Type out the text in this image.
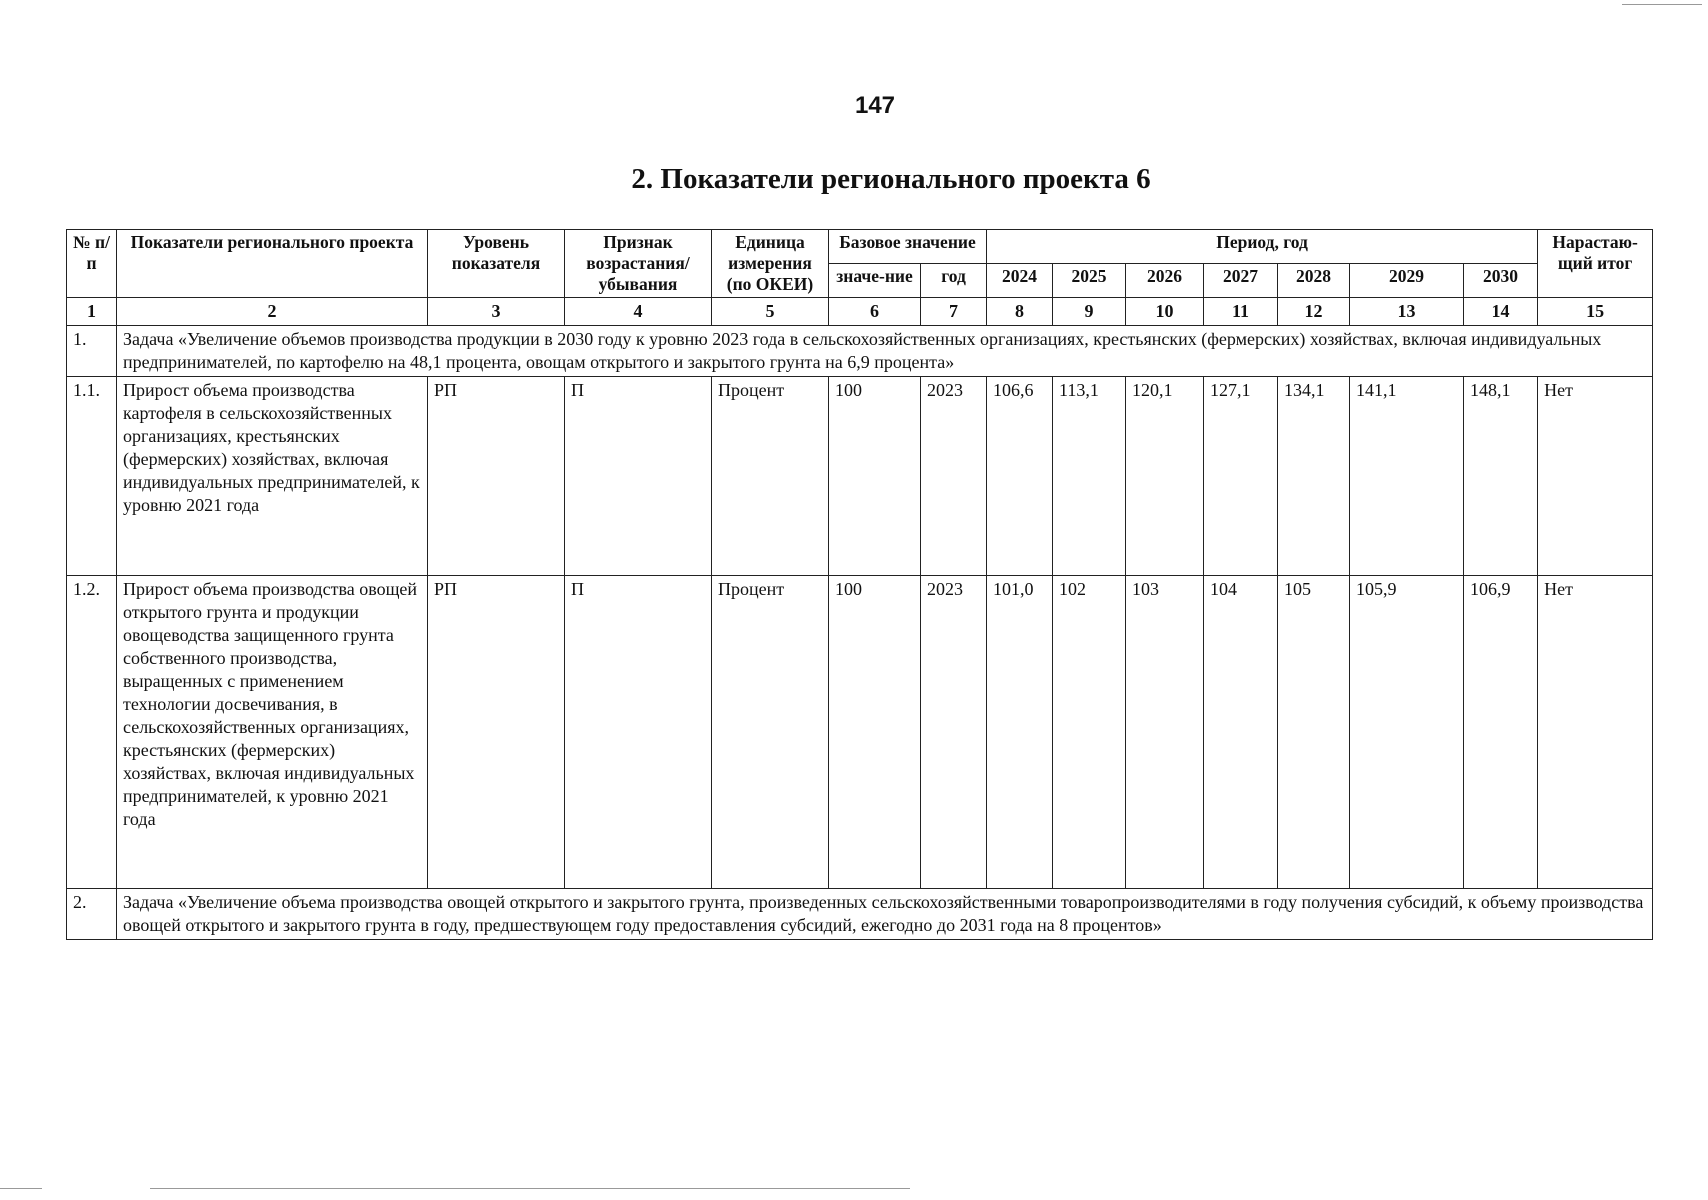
147
2. Показатели регионального проекта 6
№ п/п	Показатели регионального проекта	Уровень показателя	Признак возрастания/ убывания	Единица измерения (по ОКЕИ)	Базовое значение		Период, год							Нарастаю-щий итог
					значе-ние	год	2024	2025	2026	2027	2028	2029	2030	
1	2	3	4	5	6	7	8	9	10	11	12	13	14	15
1.	Задача «Увеличение объемов производства продукции в 2030 году к уровню 2023 года в сельскохозяйственных организациях, крестьянских (фермерских) хозяйствах, включая индивидуальных предпринимателей, по картофелю на 48,1 процента, овощам открытого и закрытого грунта на 6,9 процента»													
1.1.	Прирост объема производства картофеля в сельскохозяйственных организациях, крестьянских (фермерских) хозяйствах, включая индивидуальных предпринимателей, к уровню 2021 года	РП	П	Процент	100	2023	106,6	113,1	120,1	127,1	134,1	141,1	148,1	Нет
1.2.	Прирост объема производства овощей открытого грунта и продукции овощеводства защищенного грунта собственного производства, выращенных с применением технологии досвечивания, в сельскохозяйственных организациях, крестьянских (фермерских) хозяйствах, включая индивидуальных предпринимателей, к уровню 2021 года	РП	П	Процент	100	2023	101,0	102	103	104	105	105,9	106,9	Нет
2.	Задача «Увеличение объема производства овощей открытого и закрытого грунта, произведенных сельскохозяйственными товаропроизводителями в году получения субсидий, к объему производства овощей открытого и закрытого грунта в году, предшествующем году предоставления субсидий, ежегодно до 2031 года на 8 процентов»													
